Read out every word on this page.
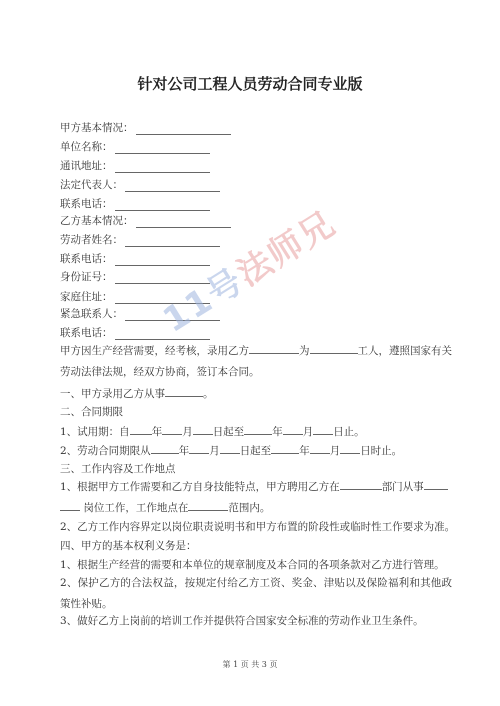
针对公司工程人员劳动合同专业版
甲方基本情况：
单位名称：
通讯地址：
法定代表人：
联系电话：
乙方基本情况：
劳动者姓名：
联系电话：
身份证号：
家庭住址：
紧急联系人：
联系电话：
甲方因生产经营需要，经考核，录用乙方	为	工人，遵照国家有关劳动法律法规，经双方协商，签订本合同。
一、甲方录用乙方从事	。
二、合同期限
1、试用期：自 年 月 日起至	年 月 日止。
2、劳动合同期限从	年 月 日起至	年 月 日时止。
三、工作内容及工作地点
1、根据甲方工作需要和乙方自身技能特点，甲方聘用乙方在	部门从事
岗位工作，工作地点在	范围内。
2、乙方工作内容界定以岗位职责说明书和甲方布置的阶段性或临时性工作要求为准。
四、甲方的基本权利义务是：
1、根据生产经营的需要和本单位的规章制度及本合同的各项条款对乙方进行管理。
2、保护乙方的合法权益，按规定付给乙方工资、奖金、津贴以及保险福利和其他政策性补贴。
3、做好乙方上岗前的培训工作并提供符合国家安全标准的劳动作业卫生条件。
11号法师兄
第 1 页 共 3 页
